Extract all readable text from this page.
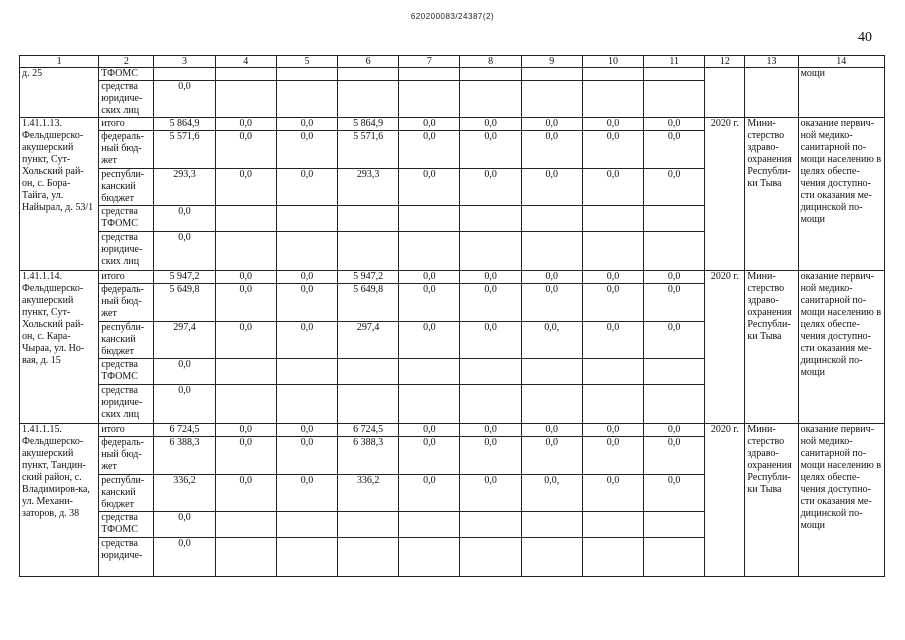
620200083/24387(2)
40
1	2	3	4	5	6	7	8	9	10	11	12	13	14
д. 25	ТФОМС												мощи
	средства юридиче-ских лиц	0,0											
1.41.1.13. Фельдшерско-акушерский пункт, Сут-Хольский рай-он, с. Бора-Тайга, ул. Найырал, д. 53/1	итого	5 864,9	0,0	0,0	5 864,9	0,0	0,0	0,0	0,0	0,0	2020 г.	Мини-стерство здраво-охранения Республи-ки Тыва	оказание первич-ной медико-санитарной по-мощи населению в целях обеспе-чения доступно-сти оказания ме-дицинской по-мощи
	федераль-ный бюд-жет	5 571,6	0,0	0,0	5 571,6	0,0	0,0	0,0	0,0	0,0			
	республи-канский бюджет	293,3	0,0	0,0	293,3	0,0	0,0	0,0	0,0	0,0			
	средства ТФОМС	0,0											
	средства юридиче-ских лиц	0,0											
1.41.1.14. Фельдшерско-акушерский пункт, Сут-Хольский рай-он, с. Кара-Чыраа, ул. Но-вая, д. 15	итого	5 947,2	0,0	0,0	5 947,2	0,0	0,0	0,0	0,0	0,0	2020 г.	Мини-стерство здраво-охранения Республи-ки Тыва	оказание первич-ной медико-санитарной по-мощи населению в целях обеспе-чения доступно-сти оказания ме-дицинской по-мощи
	федераль-ный бюд-жет	5 649,8	0,0	0,0	5 649,8	0,0	0,0	0,0	0,0	0,0			
	республи-канский бюджет	297,4	0,0	0,0	297,4	0,0	0,0	0,0,	0,0	0,0			
	средства ТФОМС	0,0											
	средства юридиче-ских лиц	0,0											
1.41.1.15. Фельдшерско-акушерский пункт, Тандин-ский район, с. Владимиров-ка, ул. Механи-заторов, д. 38	итого	6 724,5	0,0	0,0	6 724,5	0,0	0,0	0,0	0,0	0,0	2020 г.	Мини-стерство здраво-охранения Республи-ки Тыва	оказание первич-ной медико-санитарной по-мощи населению в целях обеспе-чения доступно-сти оказания ме-дицинской по-мощи
	федераль-ный бюд-жет	6 388,3	0,0	0,0	6 388,3	0,0	0,0	0,0	0,0	0,0			
	республи-канский бюджет	336,2	0,0	0,0	336,2	0,0	0,0	0,0,	0,0	0,0			
	средства ТФОМС	0,0											
	средства юридиче-	0,0											
